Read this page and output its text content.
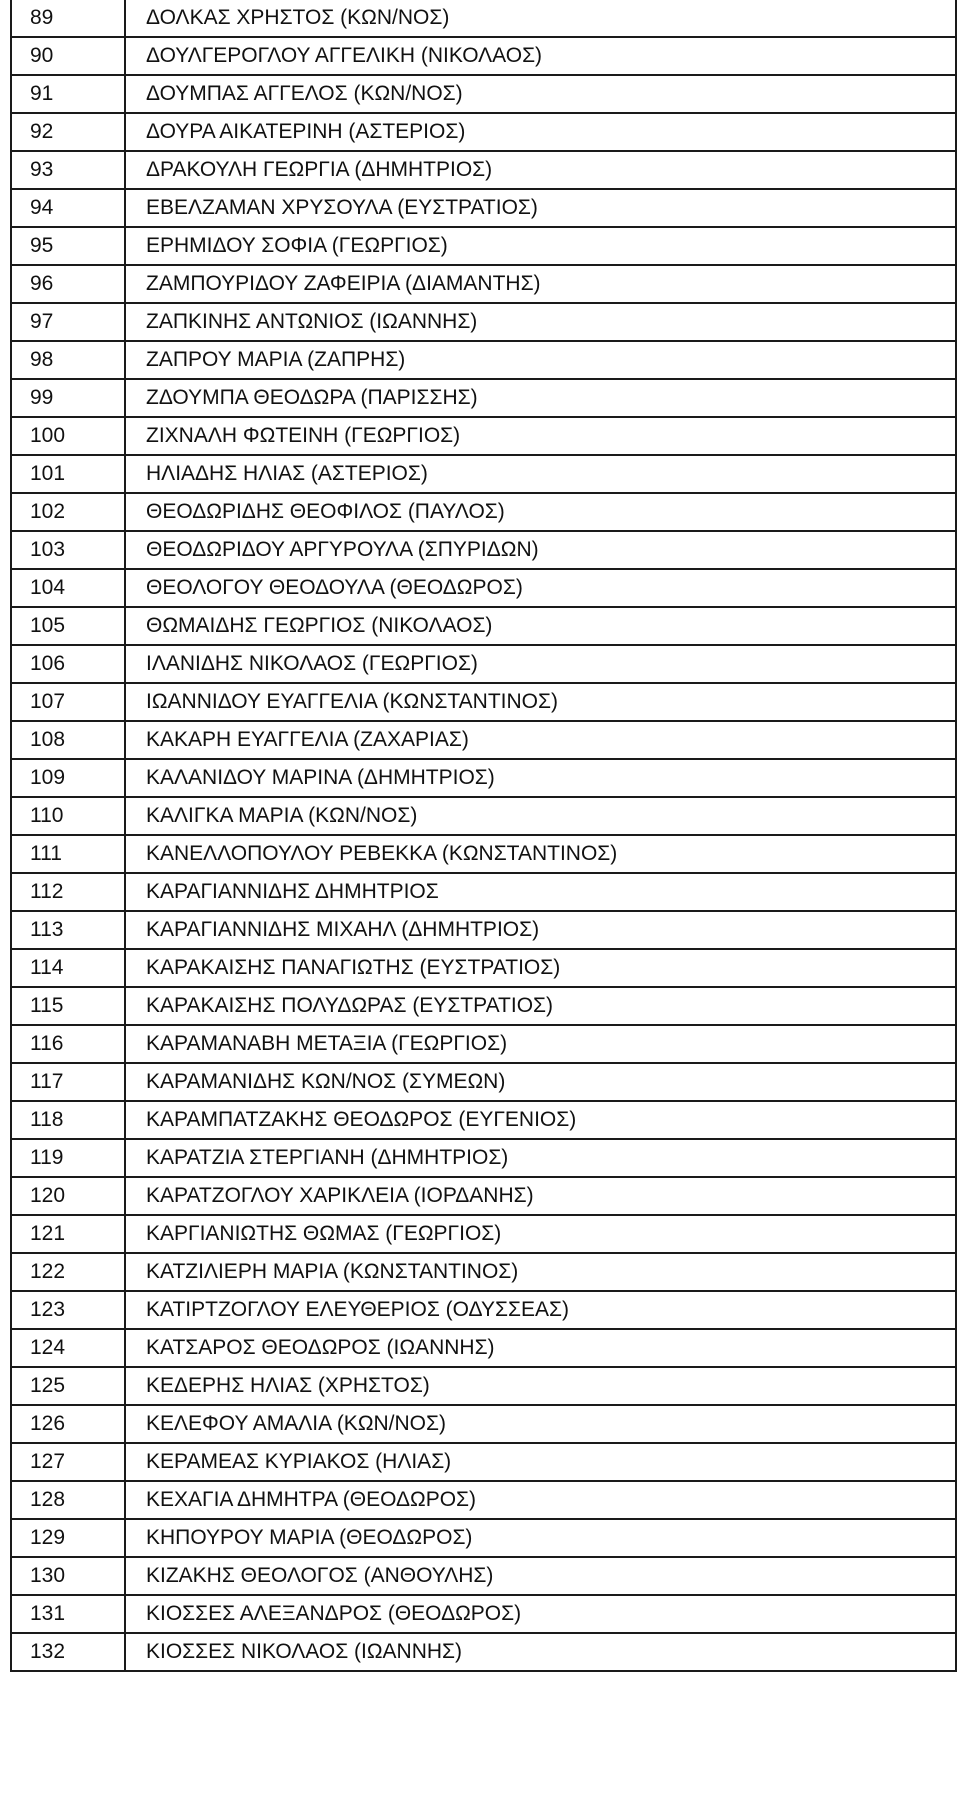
89	ΔΟΛΚΑΣ ΧΡΗΣΤΟΣ (ΚΩΝ/ΝΟΣ)
90	ΔΟΥΛΓΕΡΟΓΛΟΥ ΑΓΓΕΛΙΚΗ (ΝΙΚΟΛΑΟΣ)
91	ΔΟΥΜΠΑΣ ΑΓΓΕΛΟΣ (ΚΩΝ/ΝΟΣ)
92	ΔΟΥΡΑ ΑΙΚΑΤΕΡΙΝΗ (ΑΣΤΕΡΙΟΣ)
93	ΔΡΑΚΟΥΛΗ ΓΕΩΡΓΙΑ (ΔΗΜΗΤΡΙΟΣ)
94	ΕΒΕΛΖΑΜΑΝ ΧΡΥΣΟΥΛΑ (ΕΥΣΤΡΑΤΙΟΣ)
95	ΕΡΗΜΙΔΟΥ ΣΟΦΙΑ (ΓΕΩΡΓΙΟΣ)
96	ΖΑΜΠΟΥΡΙΔΟΥ ΖΑΦΕΙΡΙΑ (ΔΙΑΜΑΝΤΗΣ)
97	ΖΑΠΚΙΝΗΣ ΑΝΤΩΝΙΟΣ (ΙΩΑΝΝΗΣ)
98	ΖΑΠΡΟΥ ΜΑΡΙΑ (ΖΑΠΡΗΣ)
99	ΖΔΟΥΜΠΑ ΘΕΟΔΩΡΑ (ΠΑΡΙΣΣΗΣ)
100	ΖΙΧΝΑΛΗ ΦΩΤΕΙΝΗ (ΓΕΩΡΓΙΟΣ)
101	ΗΛΙΑΔΗΣ ΗΛΙΑΣ (ΑΣΤΕΡΙΟΣ)
102	ΘΕΟΔΩΡΙΔΗΣ ΘΕΟΦΙΛΟΣ (ΠΑΥΛΟΣ)
103	ΘΕΟΔΩΡΙΔΟΥ ΑΡΓΥΡΟΥΛΑ (ΣΠΥΡΙΔΩΝ)
104	ΘΕΟΛΟΓΟΥ ΘΕΟΔΟΥΛΑ (ΘΕΟΔΩΡΟΣ)
105	ΘΩΜΑΙΔΗΣ ΓΕΩΡΓΙΟΣ (ΝΙΚΟΛΑΟΣ)
106	ΙΛΑΝΙΔΗΣ ΝΙΚΟΛΑΟΣ (ΓΕΩΡΓΙΟΣ)
107	ΙΩΑΝΝΙΔΟΥ ΕΥΑΓΓΕΛΙΑ (ΚΩΝΣΤΑΝΤΙΝΟΣ)
108	ΚΑΚΑΡΗ ΕΥΑΓΓΕΛΙΑ (ΖΑΧΑΡΙΑΣ)
109	ΚΑΛΑΝΙΔΟΥ ΜΑΡΙΝΑ (ΔΗΜΗΤΡΙΟΣ)
110	ΚΑΛΙΓΚΑ ΜΑΡΙΑ (ΚΩΝ/ΝΟΣ)
111	ΚΑΝΕΛΛΟΠΟΥΛΟΥ ΡΕΒΕΚΚΑ (ΚΩΝΣΤΑΝΤΙΝΟΣ)
112	ΚΑΡΑΓΙΑΝΝΙΔΗΣ ΔΗΜΗΤΡΙΟΣ
113	ΚΑΡΑΓΙΑΝΝΙΔΗΣ ΜΙΧΑΗΛ (ΔΗΜΗΤΡΙΟΣ)
114	ΚΑΡΑΚΑΙΣΗΣ ΠΑΝΑΓΙΩΤΗΣ (ΕΥΣΤΡΑΤΙΟΣ)
115	ΚΑΡΑΚΑΙΣΗΣ ΠΟΛΥΔΩΡΑΣ (ΕΥΣΤΡΑΤΙΟΣ)
116	ΚΑΡΑΜΑΝΑΒΗ ΜΕΤΑΞΙΑ (ΓΕΩΡΓΙΟΣ)
117	ΚΑΡΑΜΑΝΙΔΗΣ ΚΩΝ/ΝΟΣ (ΣΥΜΕΩΝ)
118	ΚΑΡΑΜΠΑΤΖΑΚΗΣ ΘΕΟΔΩΡΟΣ (ΕΥΓΕΝΙΟΣ)
119	ΚΑΡΑΤΖΙΑ ΣΤΕΡΓΙΑΝΗ (ΔΗΜΗΤΡΙΟΣ)
120	ΚΑΡΑΤΖΟΓΛΟΥ ΧΑΡΙΚΛΕΙΑ (ΙΟΡΔΑΝΗΣ)
121	ΚΑΡΓΙΑΝΙΩΤΗΣ ΘΩΜΑΣ (ΓΕΩΡΓΙΟΣ)
122	ΚΑΤΖΙΛΙΕΡΗ ΜΑΡΙΑ (ΚΩΝΣΤΑΝΤΙΝΟΣ)
123	ΚΑΤΙΡΤΖΟΓΛΟΥ ΕΛΕΥΘΕΡΙΟΣ (ΟΔΥΣΣΕΑΣ)
124	ΚΑΤΣΑΡΟΣ ΘΕΟΔΩΡΟΣ (ΙΩΑΝΝΗΣ)
125	ΚΕΔΕΡΗΣ ΗΛΙΑΣ (ΧΡΗΣΤΟΣ)
126	ΚΕΛΕΦΟΥ ΑΜΑΛΙΑ (ΚΩΝ/ΝΟΣ)
127	ΚΕΡΑΜΕΑΣ ΚΥΡΙΑΚΟΣ (ΗΛΙΑΣ)
128	ΚΕΧΑΓΙΑ ΔΗΜΗΤΡΑ (ΘΕΟΔΩΡΟΣ)
129	ΚΗΠΟΥΡΟΥ ΜΑΡΙΑ (ΘΕΟΔΩΡΟΣ)
130	ΚΙΖΑΚΗΣ ΘΕΟΛΟΓΟΣ (ΑΝΘΟΥΛΗΣ)
131	ΚΙΟΣΣΕΣ ΑΛΕΞΑΝΔΡΟΣ (ΘΕΟΔΩΡΟΣ)
132	ΚΙΟΣΣΕΣ ΝΙΚΟΛΑΟΣ (ΙΩΑΝΝΗΣ)
